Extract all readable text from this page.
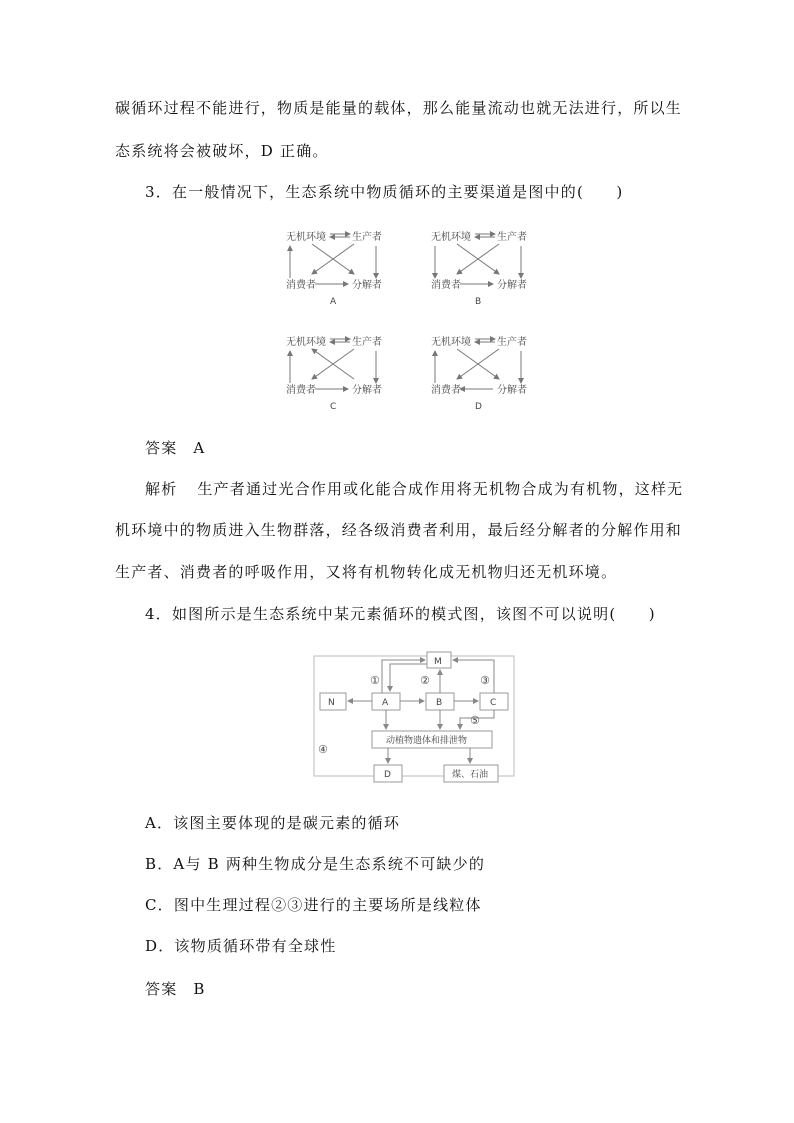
碳循环过程不能进行，物质是能量的载体，那么能量流动也就无法进行，所以生
态系统将会被破坏，D 正确。
3．在一般情况下，生态系统中物质循环的主要渠道是图中的(　　)
无机环境	生产者
消费者	分解者
A
无机环境	生产者
消费者	分解者
B
无机环境	生产者
消费者	分解者
C
无机环境	生产者
消费者	分解者
D
答案 A
解析 生产者通过光合作用或化能合成作用将无机物合成为有机物，这样无
机环境中的物质进入生物群落，经各级消费者利用，最后经分解者的分解作用和
生产者、消费者的呼吸作用，又将有机物转化成无机物归还无机环境。
4．如图所示是生态系统中某元素循环的模式图，该图不可以说明(　　)
M
N	A	B	C
动植物遗体和排泄物
D	煤、石油
①	②	③
④
⑤
A．该图主要体现的是碳元素的循环
B．A与 B 两种生物成分是生态系统不可缺少的
C．图中生理过程②③进行的主要场所是线粒体
D．该物质循环带有全球性
答案 B
